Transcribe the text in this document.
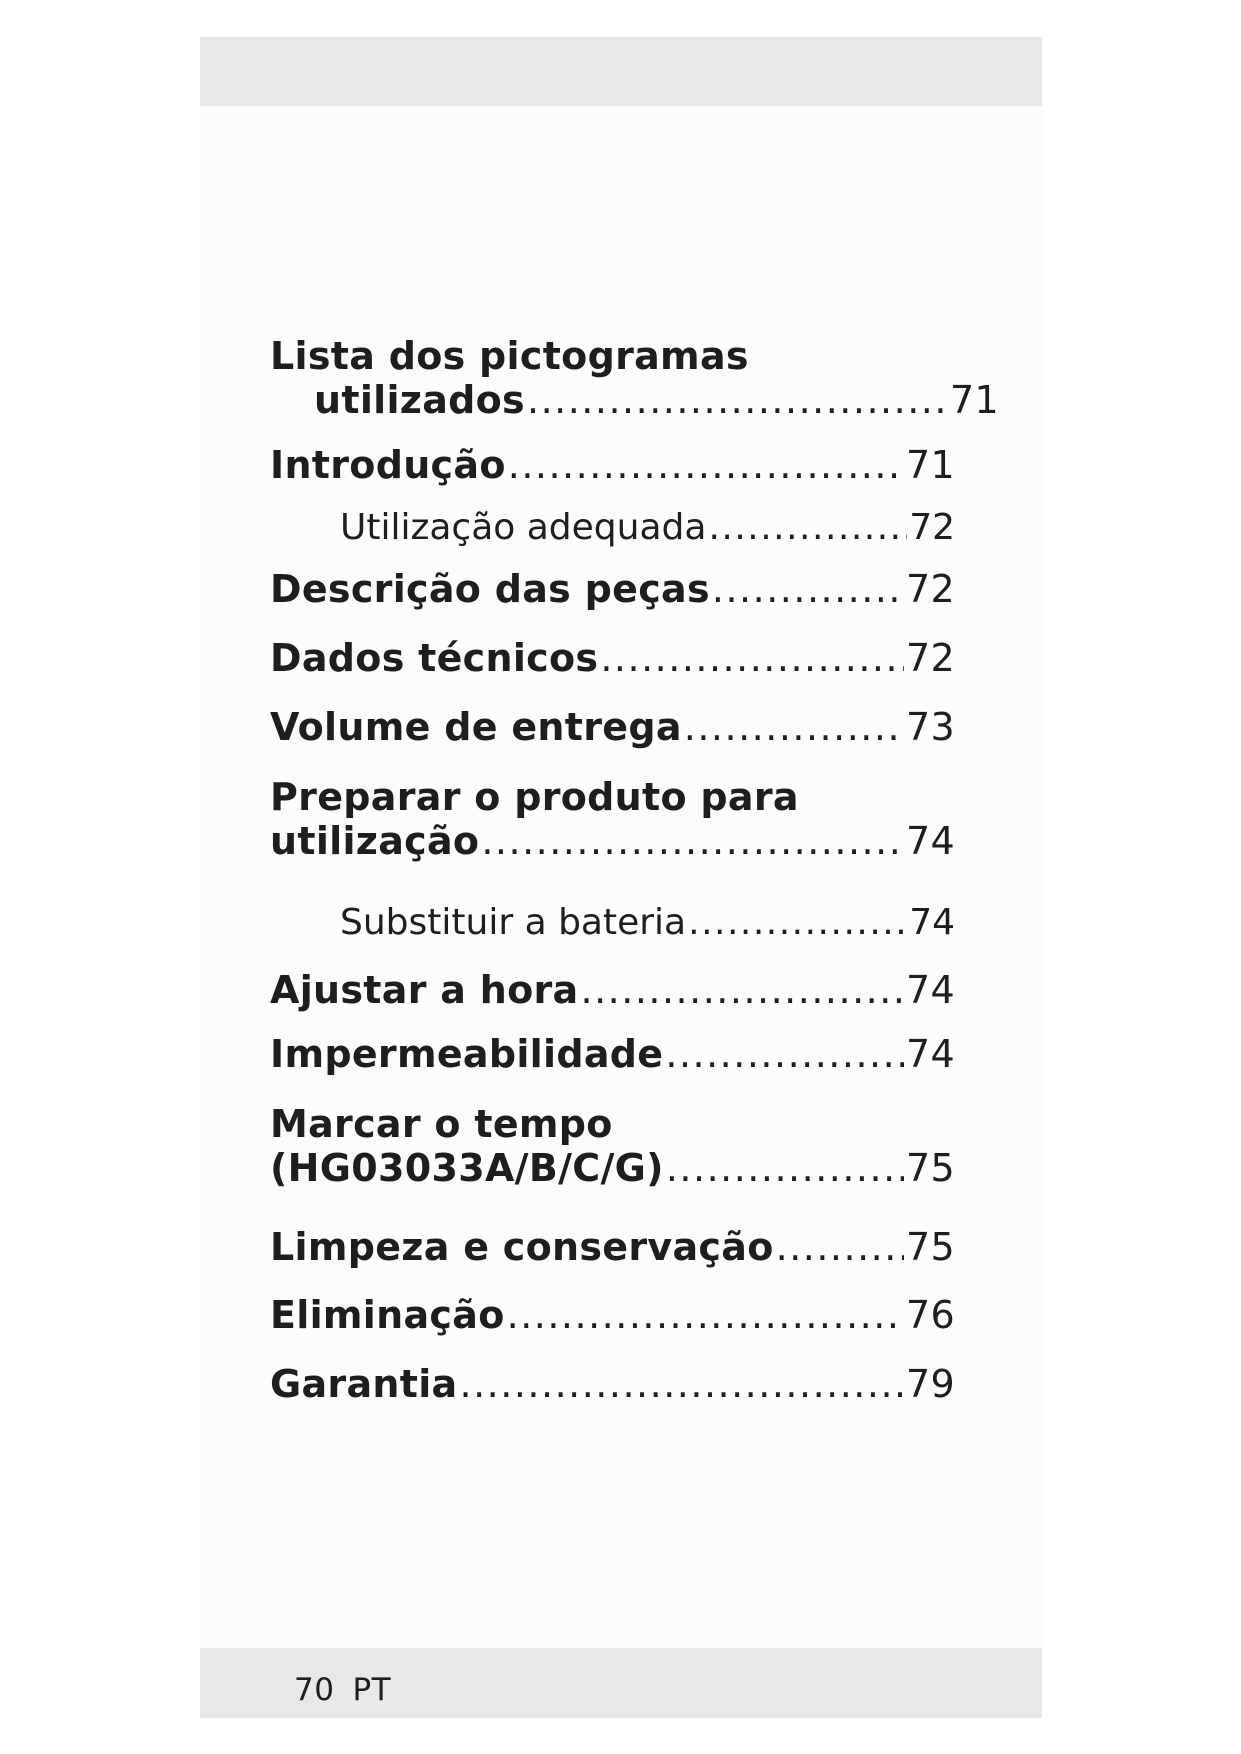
Lista dos pictogramas
utilizados .....	71
Introdução .....	71
Utilização adequada .....	72
Descrição das peças .....	72
Dados técnicos .....	72
Volume de entrega .....	73
Preparar o produto para
utilização .....	74
Substituir a bateria .....	74
Ajustar a hora .....	74
Impermeabilidade .....	74
Marcar o tempo
(HG03033A/B/C/G) .....	75
Limpeza e conservação .....	75
Eliminação .....	76
Garantia .....	79
70 PT
